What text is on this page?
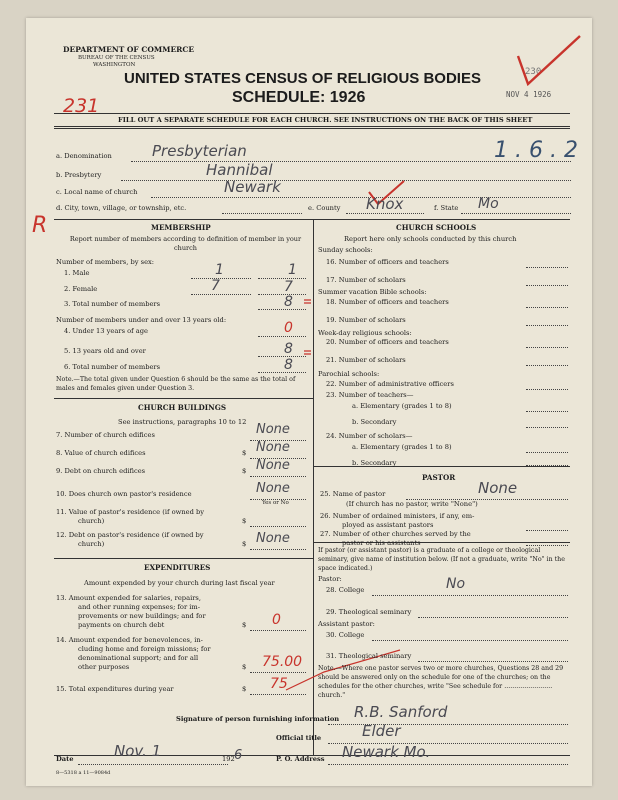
DEPARTMENT OF COMMERCE
BUREAU OF THE CENSUS
WASHINGTON
UNITED STATES CENSUS OF RELIGIOUS BODIES
SCHEDULE: 1926
230
NOV 4 1926
231
FILL OUT A SEPARATE SCHEDULE FOR EACH CHURCH. SEE INSTRUCTIONS ON THE BACK OF THIS SHEET
a. Denomination	Presbyterian	1 . 6 . 2
b. Presbytery	Hannibal
c. Local name of church	Newark
d. City, town, village, or township, etc.	e. County Knox	f. State Mo
R	MEMBERSHIP
Report number of members according to definition of member in your church
Number of members, by sex:
1. Male	1	1
2. Female	7	7
3. Total number of members	8
Number of members under and over 13 years old:
4. Under 13 years of age	0
5. 13 years old and over	8
6. Total number of members	8
Note.—The total given under Question 6 should be the same as the total of males and females given under Question 3.
CHURCH BUILDINGS
See instructions, paragraphs 10 to 12
7. Number of church edifices	None
8. Value of church edifices	$ None
9. Debt on church edifices	$ None
10. Does church own pastor's residence	None
Yes or No
11. Value of pastor's residence (if owned by
church)	$
12. Debt on pastor's residence (if owned by
church)	$ None
EXPENDITURES
Amount expended by your church during last fiscal year
13. Amount expended for salaries, repairs,
and other running expenses; for im-
provements or new buildings; and for
payments on church debt	$ 0
14. Amount expended for benevolences, in-
cluding home and foreign missions; for
denominational support; and for all
other purposes	$ 75.00
15. Total expenditures during year	$ 75
CHURCH SCHOOLS
Report here only schools conducted by this church
Sunday schools:
16. Number of officers and teachers
17. Number of scholars
Summer vacation Bible schools:
18. Number of officers and teachers
19. Number of scholars
Week-day religious schools:
20. Number of officers and teachers
21. Number of scholars
Parochial schools:
22. Number of administrative officers
23. Number of teachers—
a. Elementary (grades 1 to 8)
b. Secondary
24. Number of scholars—
a. Elementary (grades 1 to 8)
b. Secondary
PASTOR
25. Name of pastor	None
(If church has no pastor, write "None")
26. Number of ordained ministers, if any, em-
ployed as assistant pastors
27. Number of other churches served by the
pastor or his assistants
If pastor (or assistant pastor) is a graduate of a college or theological seminary, give name of institution below. (If not a graduate, write "No" in the space indicated.)
Pastor:
28. College	No
29. Theological seminary
Assistant pastor:
30. College
31. Theological seminary
Note.—Where one pastor serves two or more churches, Questions 28 and 29 should be answered only on the schedule for one of the churches; on the schedules for the other churches, write "See schedule for ........................ church."
Signature of person furnishing information R.B. Sanford
Official title	Elder
Date	Nov. 1	192 6	P. O. Address Newark Mo.
8—5318 a 11—9084d
